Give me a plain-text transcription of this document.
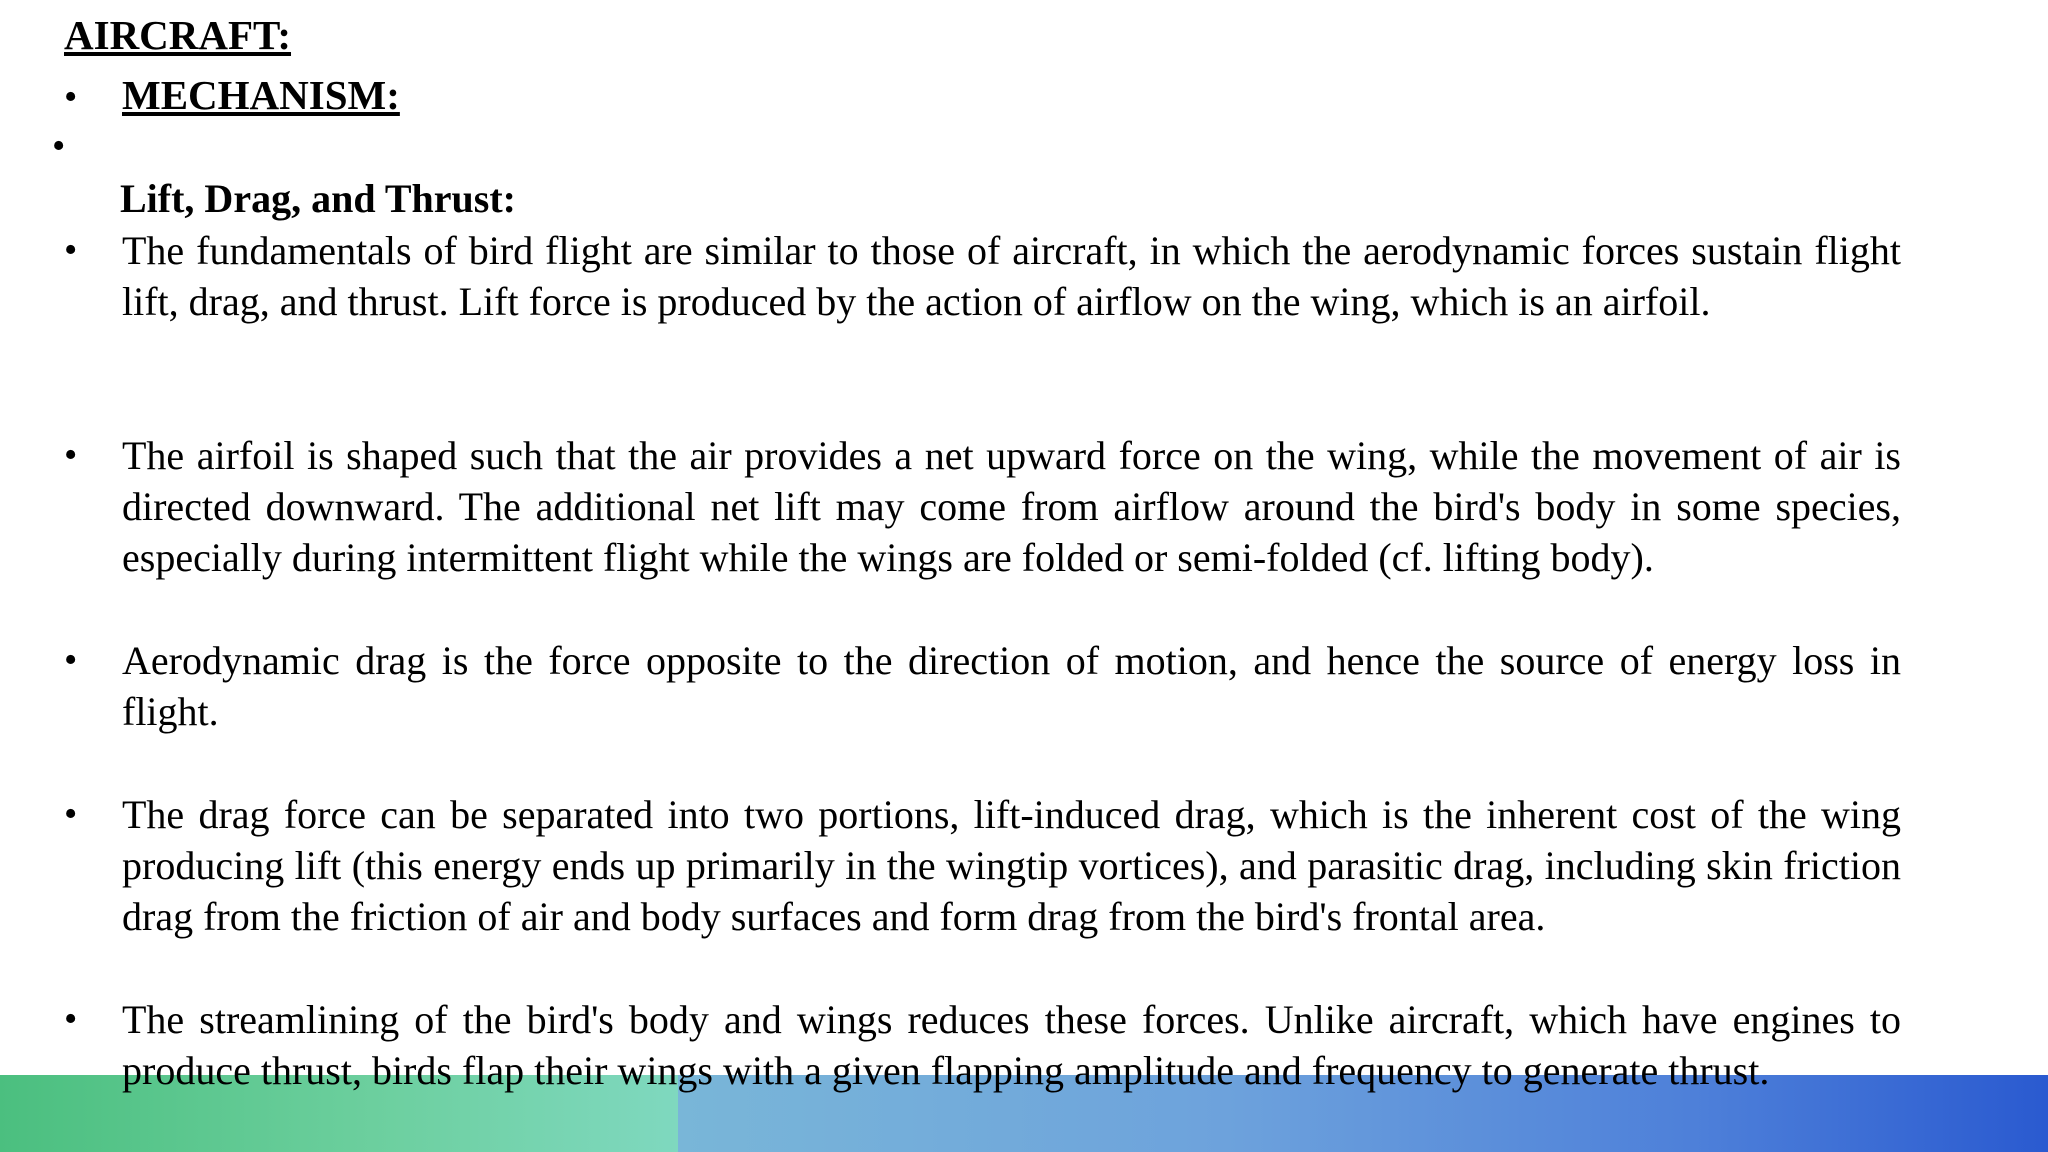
AIRCRAFT:
• MECHANISM:
•
Lift, Drag, and Thrust:
• The fundamentals of bird flight are similar to those of aircraft, in which the aerodynamic forces sustain flight lift, drag, and thrust. Lift force is produced by the action of airflow on the wing, which is an airfoil.
• The airfoil is shaped such that the air provides a net upward force on the wing, while the movement of air is directed downward. The additional net lift may come from airflow around the bird's body in some species, especially during intermittent flight while the wings are folded or semi-folded (cf. lifting body).
• Aerodynamic drag is the force opposite to the direction of motion, and hence the source of energy loss in flight.
• The drag force can be separated into two portions, lift-induced drag, which is the inherent cost of the wing producing lift (this energy ends up primarily in the wingtip vortices), and parasitic drag, including skin friction drag from the friction of air and body surfaces and form drag from the bird's frontal area.
• The streamlining of the bird's body and wings reduces these forces. Unlike aircraft, which have engines to produce thrust, birds flap their wings with a given flapping amplitude and frequency to generate thrust.
